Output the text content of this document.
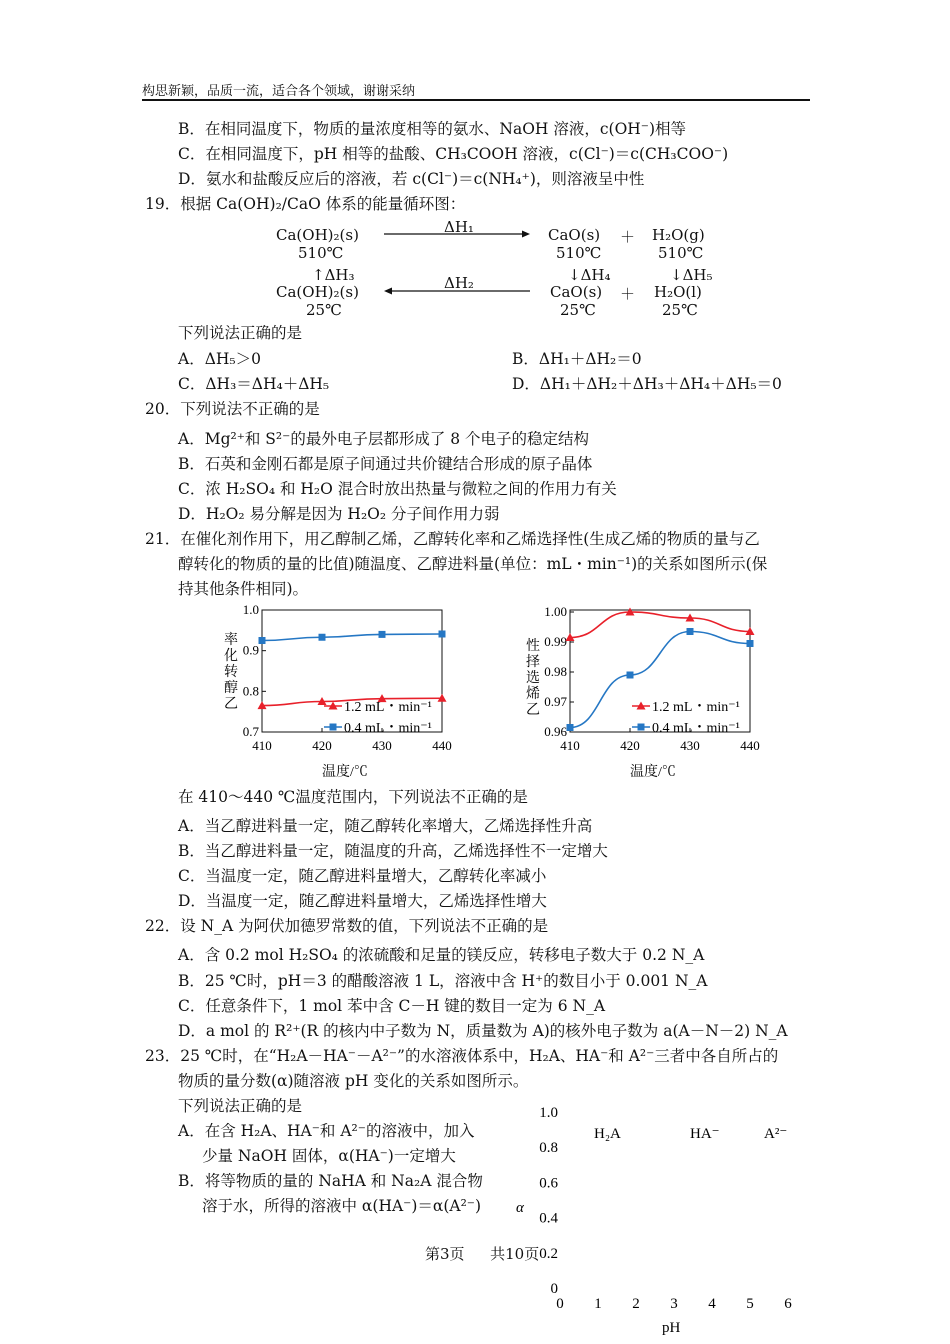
构思新颖，品质一流，适合各个领域，谢谢采纳
B．在相同温度下，物质的量浓度相等的氨水、NaOH 溶液，c(OH⁻)相等
C．在相同温度下，pH 相等的盐酸、CH₃COOH 溶液，c(Cl⁻)＝c(CH₃COO⁻)
D．氨水和盐酸反应后的溶液，若 c(Cl⁻)＝c(NH₄⁺)，则溶液呈中性
19．根据 Ca(OH)₂/CaO 体系的能量循环图：
Ca(OH)₂(s)
510℃
ΔH₁	CaO(s)
510℃
＋ H₂O(g)
510℃
↑ΔH₃	↓ΔH₄	↓ΔH₅
Ca(OH)₂(s)
25℃
ΔH₂	CaO(s)
25℃
＋ H₂O(l)
25℃
下列说法正确的是
A．ΔH₅＞0	B．ΔH₁＋ΔH₂＝0
C．ΔH₃＝ΔH₄＋ΔH₅	D．ΔH₁＋ΔH₂＋ΔH₃＋ΔH₄＋ΔH₅＝0
20．下列说法不正确的是
A．Mg²⁺和 S²⁻的最外电子层都形成了 8 个电子的稳定结构
B．石英和金刚石都是原子间通过共价键结合形成的原子晶体
C．浓 H₂SO₄ 和 H₂O 混合时放出热量与微粒之间的作用力有关
D．H₂O₂ 易分解是因为 H₂O₂ 分子间作用力弱
21．在催化剂作用下，用乙醇制乙烯，乙醇转化率和乙烯选择性(生成乙烯的物质的量与乙
醇转化的物质的量的比值)随温度、乙醇进料量(单位：mL・min⁻¹)的关系如图所示(保
持其他条件相同)。
410	420	430	440
0.7
0.8
0.9
1.0
1.2 mL・min⁻¹
0.4 mL・min⁻¹
温度/℃
率化转醇乙
410	420	430	440
0.96
0.97
0.98
0.99
1.00
1.2 mL・min⁻¹
0.4 mL・min⁻¹
温度/℃
性择选烯乙
在 410～440 ℃温度范围内，下列说法不正确的是
A．当乙醇进料量一定，随乙醇转化率增大，乙烯选择性升高
B．当乙醇进料量一定，随温度的升高，乙烯选择性不一定增大
C．当温度一定，随乙醇进料量增大，乙醇转化率减小
D．当温度一定，随乙醇进料量增大，乙烯选择性增大
22．设 N_A 为阿伏加德罗常数的值，下列说法不正确的是
A．含 0.2 mol H₂SO₄ 的浓硫酸和足量的镁反应，转移电子数大于 0.2 N_A
B．25 ℃时，pH＝3 的醋酸溶液 1 L，溶液中含 H⁺的数目小于 0.001 N_A
C．任意条件下，1 mol 苯中含 C－H 键的数目一定为 6 N_A
D．a mol 的 R²⁺(R 的核内中子数为 N，质量数为 A)的核外电子数为 a(A－N－2) N_A
23．25 ℃时，在“H₂A－HA⁻－A²⁻”的水溶液体系中，H₂A、HA⁻和 A²⁻三者中各自所占的
物质的量分数(α)随溶液 pH 变化的关系如图所示。
下列说法正确的是
A．在含 H₂A、HA⁻和 A²⁻的溶液中，加入
少量 NaOH 固体，α(HA⁻)一定增大
B．将等物质的量的 NaHA 和 Na₂A 混合物
溶于水，所得的溶液中 α(HA⁻)＝α(A²⁻)
0
0.2
0.4
0.6
0.8
1.0
0 1 2 3 4 5 6
H₂A	HA⁻	A²⁻
α
pH
第3页 共10页
